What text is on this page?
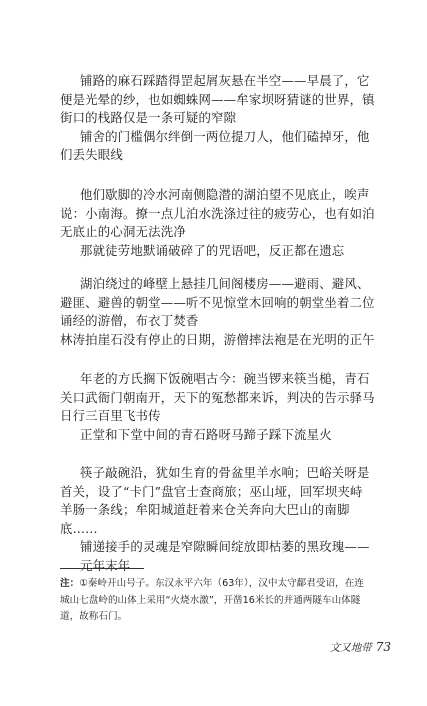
铺路的麻石踩踏得罡起屑灰悬在半空——早晨了，它便是光晕的纱，也如蜘蛛网——牟家坝呀猜谜的世界，镇街口的栈路仅是一条可疑的窄隙

铺舍的门槛偶尔绊倒一两位提刀人，他们磕掉牙，他们丢失眼线

他们歇脚的冷水河南侧隐潜的湖泊望不见底止，唉声说：小南海。撩一点儿泊水洗涤过往的疲劳心，也有如泊无底止的心洞无法洗净

那就徒劳地默诵破碎了的咒语吧，反正都在遗忘

湖泊绕过的峰壁上悬挂几间阁楼房——避雨、避风、避匪、避兽的朝堂——听不见惊堂木回响的朝堂坐着二位诵经的游僧，布衣丁焚香

林涛拍崖石没有停止的日期，游僧摔法袍是在光明的正午

年老的方氏搁下饭碗唱古今：碗当锣来筷当槌，青石关口武衙门朝南开，天下的冤愁都来诉，判决的告示驿马日行三百里飞书传

正堂和下堂中间的青石路呀马蹄子踩下流星火

筷子敲碗沿，犹如生育的骨盆里羊水响；巴峪关呀是首关，设了“卡门”盘官士查商旅；巫山垭，回军坝夹峙羊肠一条线；牟阳城道赶着来仓关奔向大巴山的南脚底……

铺递接手的灵魂是窄隙瞬间绽放即枯萎的黑玫瑰——

元年末年

注：①秦岭开山号子。东汉永平六年（63年），汉中太守鄐君受诏，在连城山七盘岭的山体上采用“火烧水激”，开凿16米长的并通两隧车山体隧道，故称石门。
文又地带 73
